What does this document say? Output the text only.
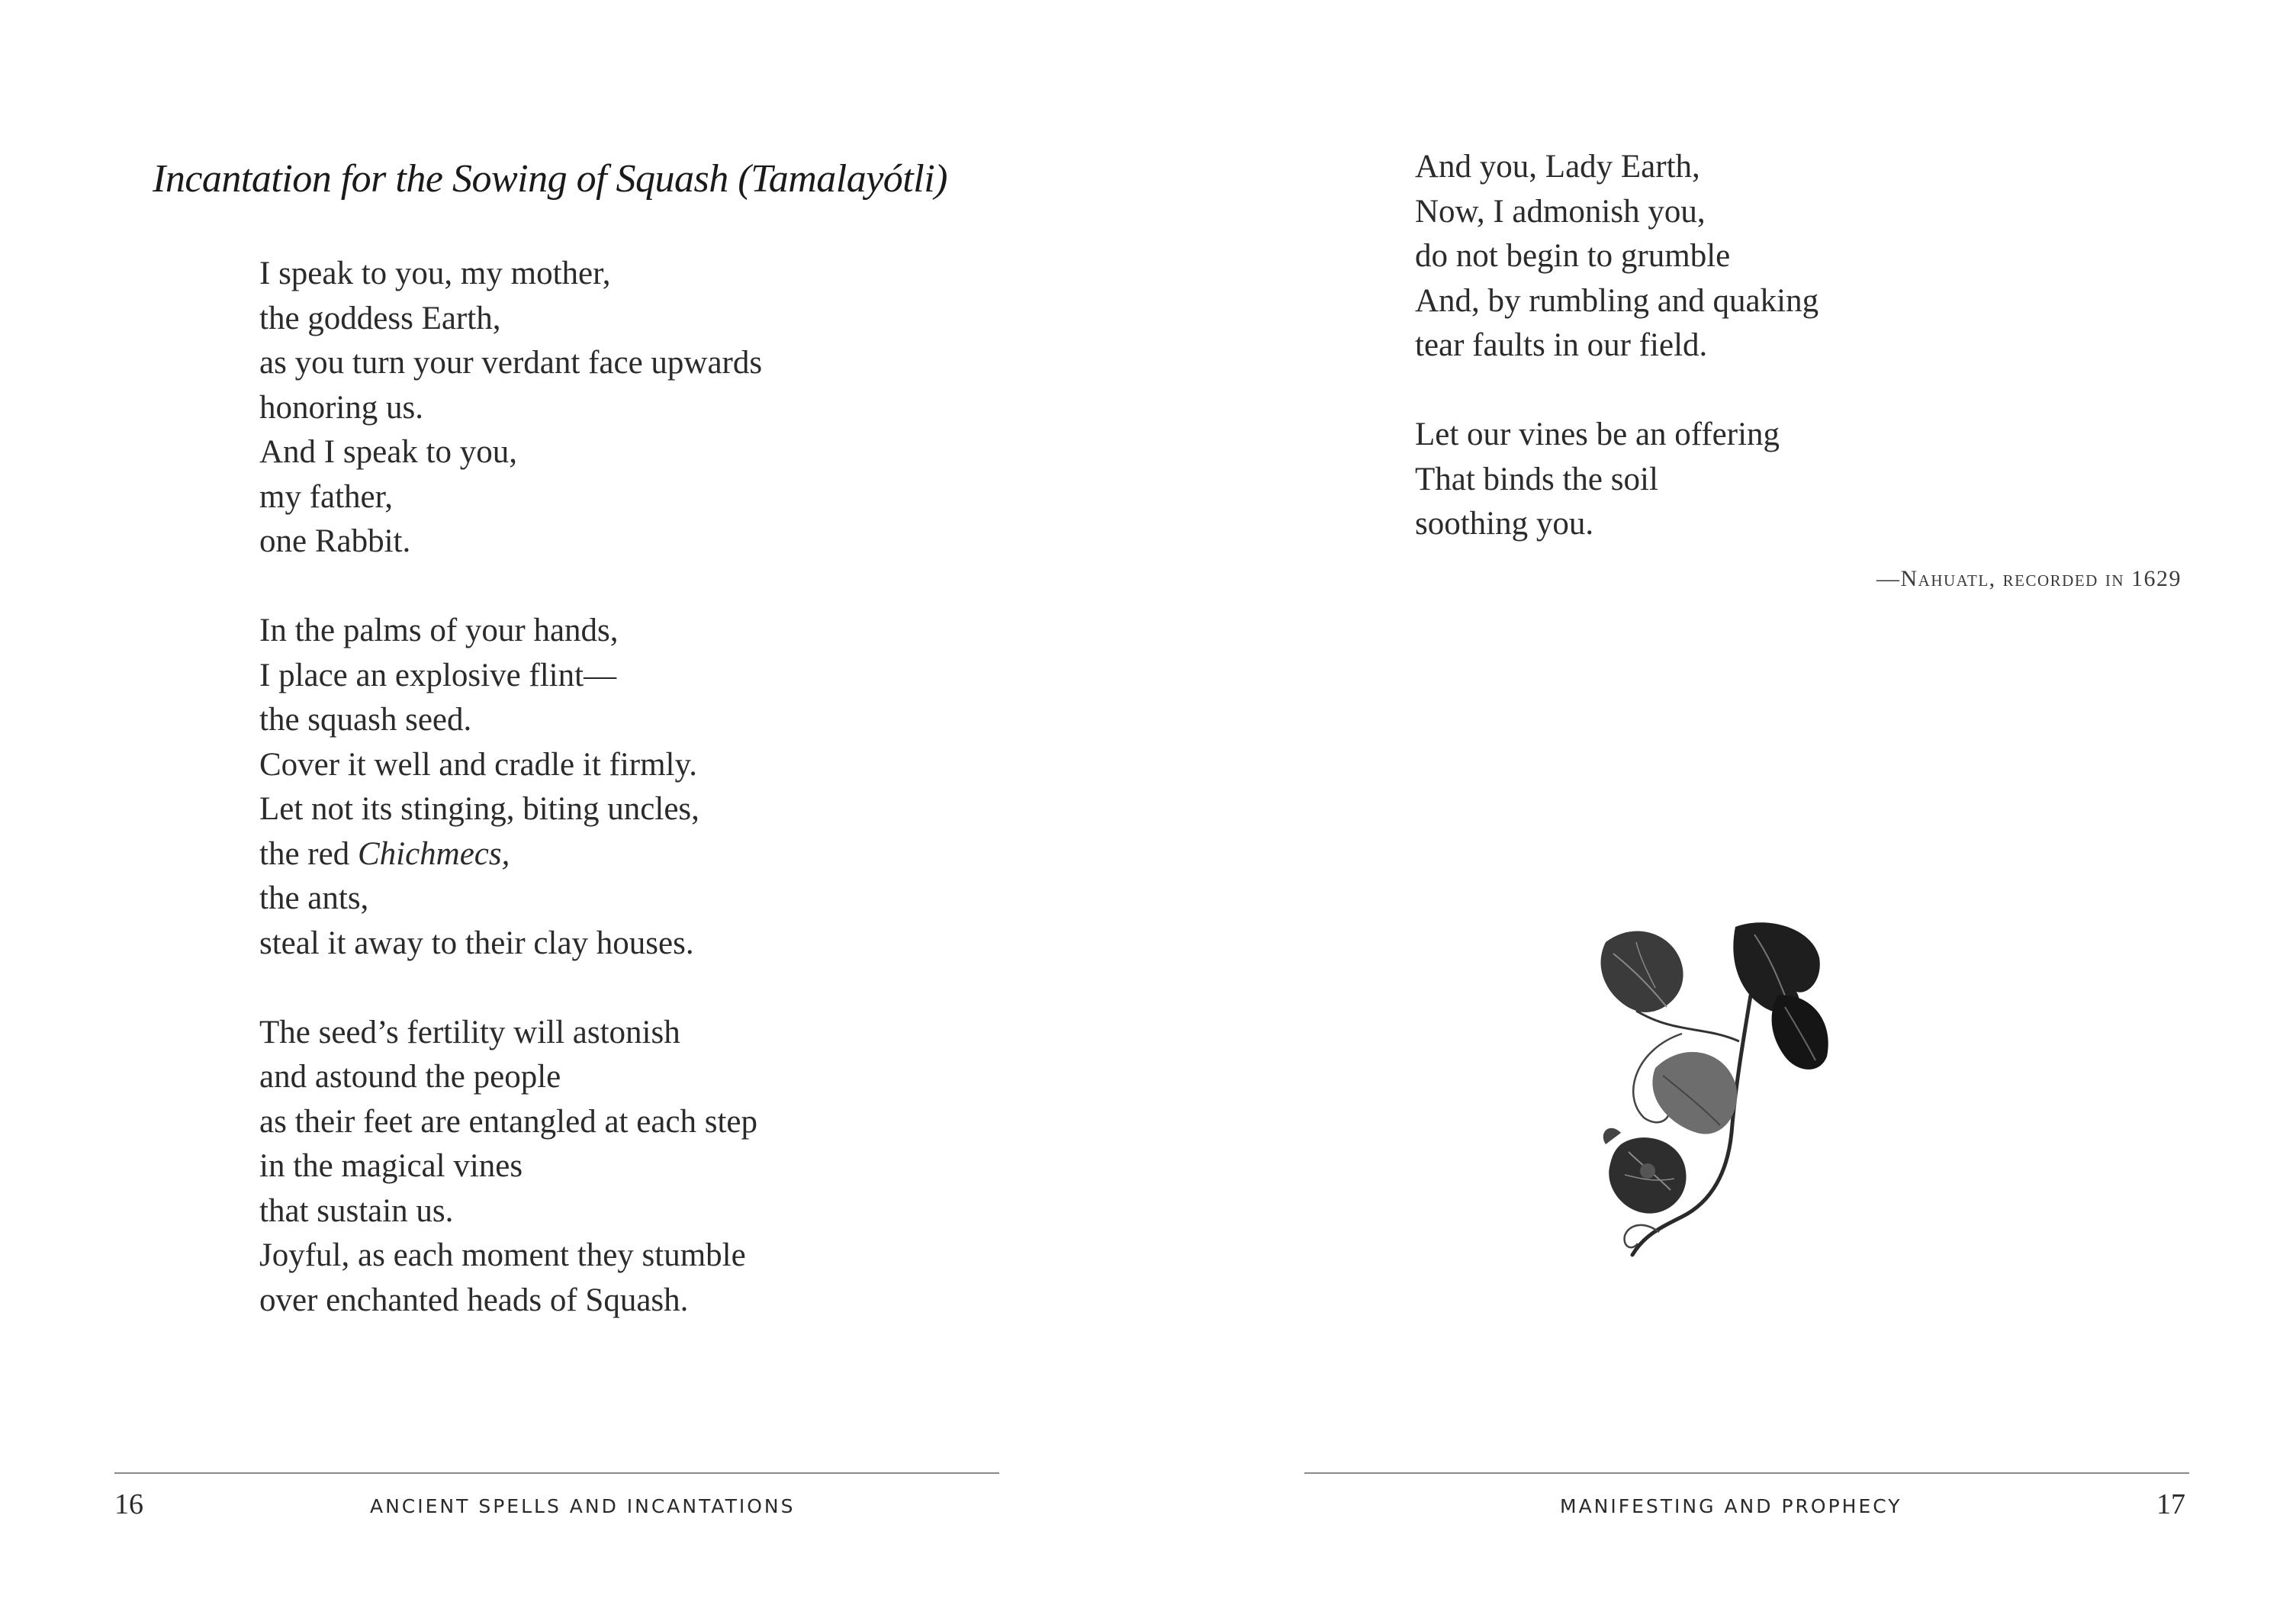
Incantation for the Sowing of Squash (Tamalayótli)
I speak to you, my mother,
the goddess Earth,
as you turn your verdant face upwards
honoring us.
And I speak to you,
my father,
one Rabbit.
In the palms of your hands,
I place an explosive flint—
the squash seed.
Cover it well and cradle it firmly.
Let not its stinging, biting uncles,
the red Chichmecs,
the ants,
steal it away to their clay houses.
The seed’s fertility will astonish
and astound the people
as their feet are entangled at each step
in the magical vines
that sustain us.
Joyful, as each moment they stumble
over enchanted heads of Squash.
16	ANCIENT SPELLS AND INCANTATIONS
And you, Lady Earth,
Now, I admonish you,
do not begin to grumble
And, by rumbling and quaking
tear faults in our field.
Let our vines be an offering
That binds the soil
soothing you.
—Nahuatl, recorded in 1629
MANIFESTING AND PROPHECY	17
